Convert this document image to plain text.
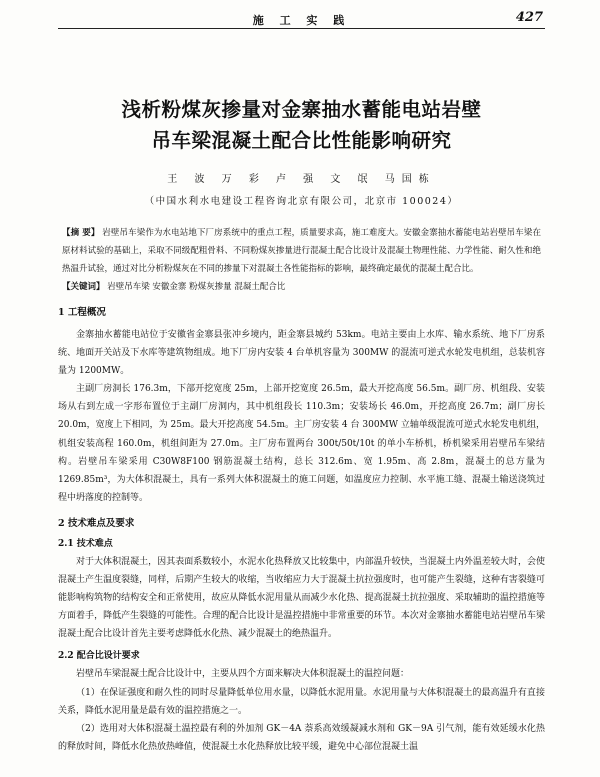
施 工 实 践	427
浅析粉煤灰掺量对金寨抽水蓄能电站岩壁
吊车梁混凝土配合比性能影响研究
王 波 万 彩 卢 强 文 氓 马国栋
（中国水利水电建设工程咨询北京有限公司，北京市 100024）
【摘 要】 岩壁吊车梁作为水电站地下厂房系统中的重点工程，质量要求高，施工难度大。安徽金寨抽水蓄能电站岩壁吊车梁在原材料试验的基础上，采取不同级配粗骨料、不同粉煤灰掺量进行混凝土配合比设计及混凝土物理性能、力学性能、耐久性和绝热温升试验，通过对比分析粉煤灰在不同的掺量下对混凝土各性能指标的影响，最终确定最优的混凝土配合比。
【关键词】 岩壁吊车梁 安徽金寨 粉煤灰掺量 混凝土配合比
1 工程概况

金寨抽水蓄能电站位于安徽省金寨县张冲乡境内，距金寨县城约 53km。电站主要由上水库、输水系统、地下厂房系统、地面开关站及下水库等建筑物组成。地下厂房内安装 4 台单机容量为 300MW 的混流可逆式水轮发电机组，总装机容量为 1200MW。

主副厂房洞长 176.3m，下部开挖宽度 25m，上部开挖宽度 26.5m，最大开挖高度 56.5m。副厂房、机组段、安装场从右到左成一字形布置位于主副厂房洞内，其中机组段长 110.3m；安装场长 46.0m，开挖高度 26.7m；副厂房长 20.0m，宽度上下相同，为 25m。最大开挖高度 54.5m。主厂房安装 4 台 300MW 立轴单级混流可逆式水轮发电机组，机组安装高程 160.0m，机组间距为 27.0m。主厂房布置两台 300t/50t/10t 的单小车桥机，桥机梁采用岩壁吊车梁结构。岩壁吊车梁采用 C30W8F100 钢筋混凝土结构，总长 312.6m、宽 1.95m、高 2.8m，混凝土的总方量为 1269.85m³，为大体积混凝土，具有一系列大体积混凝土的施工问题，如温度应力控制、水平施工缝、混凝土输送浇筑过程中坍落度的控制等。

2 技术难点及要求
2.1 技术难点

对于大体积混凝土，因其表面系数较小，水泥水化热释放又比较集中，内部温升较快，当混凝土内外温差较大时，会使混凝土产生温度裂缝，同样，后期产生较大的收缩，当收缩应力大于混凝土抗拉强度时，也可能产生裂缝，这种有害裂缝可能影响构筑物的结构安全和正常使用，故应从降低水泥用量从而减少水化热、提高混凝土抗拉强度、采取辅助的温控措施等方面着手，降低产生裂缝的可能性。合理的配合比设计是温控措施中非常重要的环节。本次对金寨抽水蓄能电站岩壁吊车梁混凝土配合比设计首先主要考虑降低水化热、减少混凝土的绝热温升。

2.2 配合比设计要求

岩壁吊车梁混凝土配合比设计中，主要从四个方面来解决大体积混凝土的温控问题：

（1）在保证强度和耐久性的同时尽量降低单位用水量，以降低水泥用量。水泥用量与大体积混凝土的最高温升有直接关系，降低水泥用量是最有效的温控措施之一。

（2）选用对大体积混凝土温控最有利的外加剂 GK－4A 萘系高效缓凝减水剂和 GK－9A 引气剂，能有效延缓水化热的释放时间，降低水化热放热峰值，使混凝土水化热释放比较平缓，避免中心部位混凝土温
